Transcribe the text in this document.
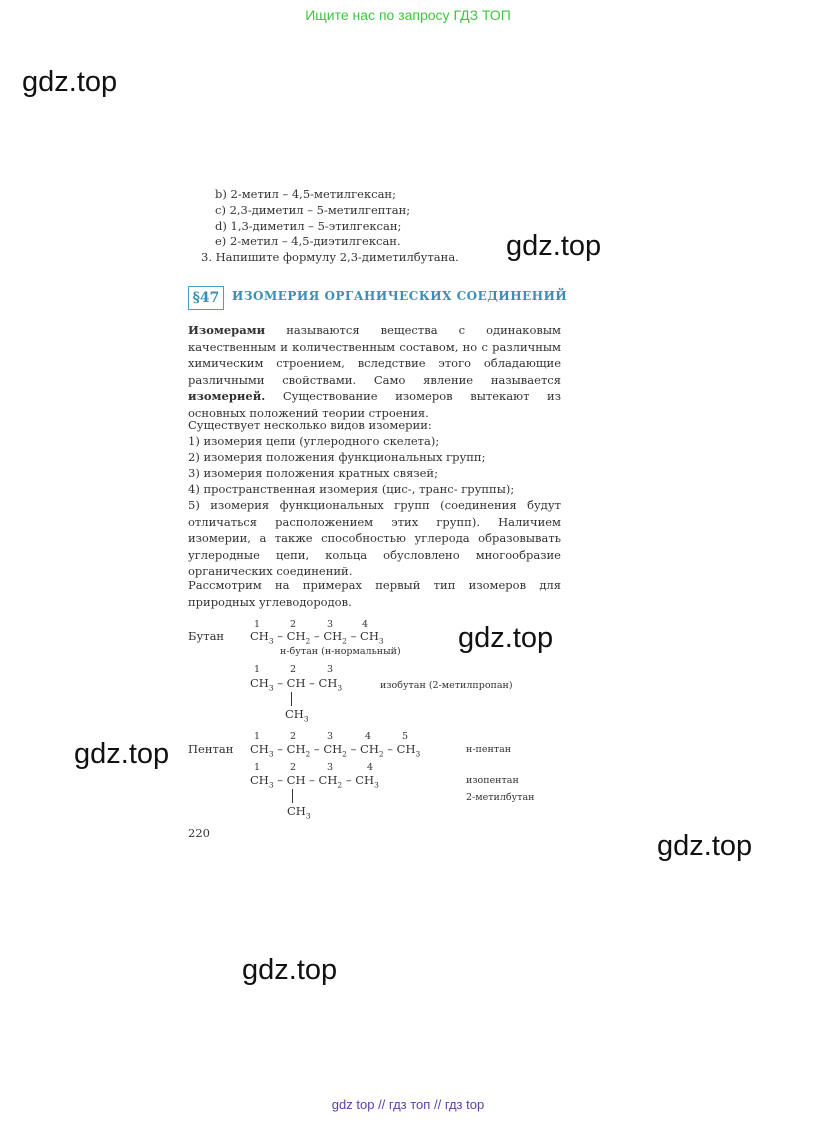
Ищите нас по запросу ГДЗ ТОП
gdz.top
gdz.top
gdz.top
gdz.top
gdz.top
gdz.top
b) 2-метил – 4,5-метилгексан;
c) 2,3-диметил – 5-метилгептан;
d) 1,3-диметил – 5-этилгексан;
e) 2-метил – 4,5-диэтилгексан.
3. Напишите формулу 2,3-диметилбутана.
§47	ИЗОМЕРИЯ ОРГАНИЧЕСКИХ СОЕДИНЕНИЙ
Изомерами называются вещества с одинаковым качественным и количественным составом, но с различным химическим строением, вследствие этого обладающие различными свойствами. Само явление называется изомерией. Существование изомеров вытекают из основных положений теории строения.
Существует несколько видов изомерии:
1) изомерия цепи (углеродного скелета);
2) изомерия положения функциональных групп;
3) изомерия положения кратных связей;
4) пространственная изомерия (цис-, транс- группы);
5) изомерия функциональных групп (соединения будут отличаться расположением этих групп). Наличием изомерии, а также способностью углерода образовывать углеродные цепи, кольца обусловлено многообразие органических соединений.
Рассмотрим на примерах первый тип изомеров для природных углеводородов.
Бутан
1	2	3	4
$CH_3 - CH_2 - CH_2 - CH_3$
н-бутан (н-нормальный)
1	2	3
$CH_3$ – CH – $CH_3$
$CH_3$
изобутан (2-метилпропан)
Пентан
1	2	3	4	5
$CH_3 - CH_2 - CH_2 - CH_2 - CH_3$	н-пентан
1	2	3	4
$CH_3$ – CH – $CH_2 - CH_3$
$CH_3$
изопентан
2-метилбутан
220
gdz top // гдз топ // гдз top
